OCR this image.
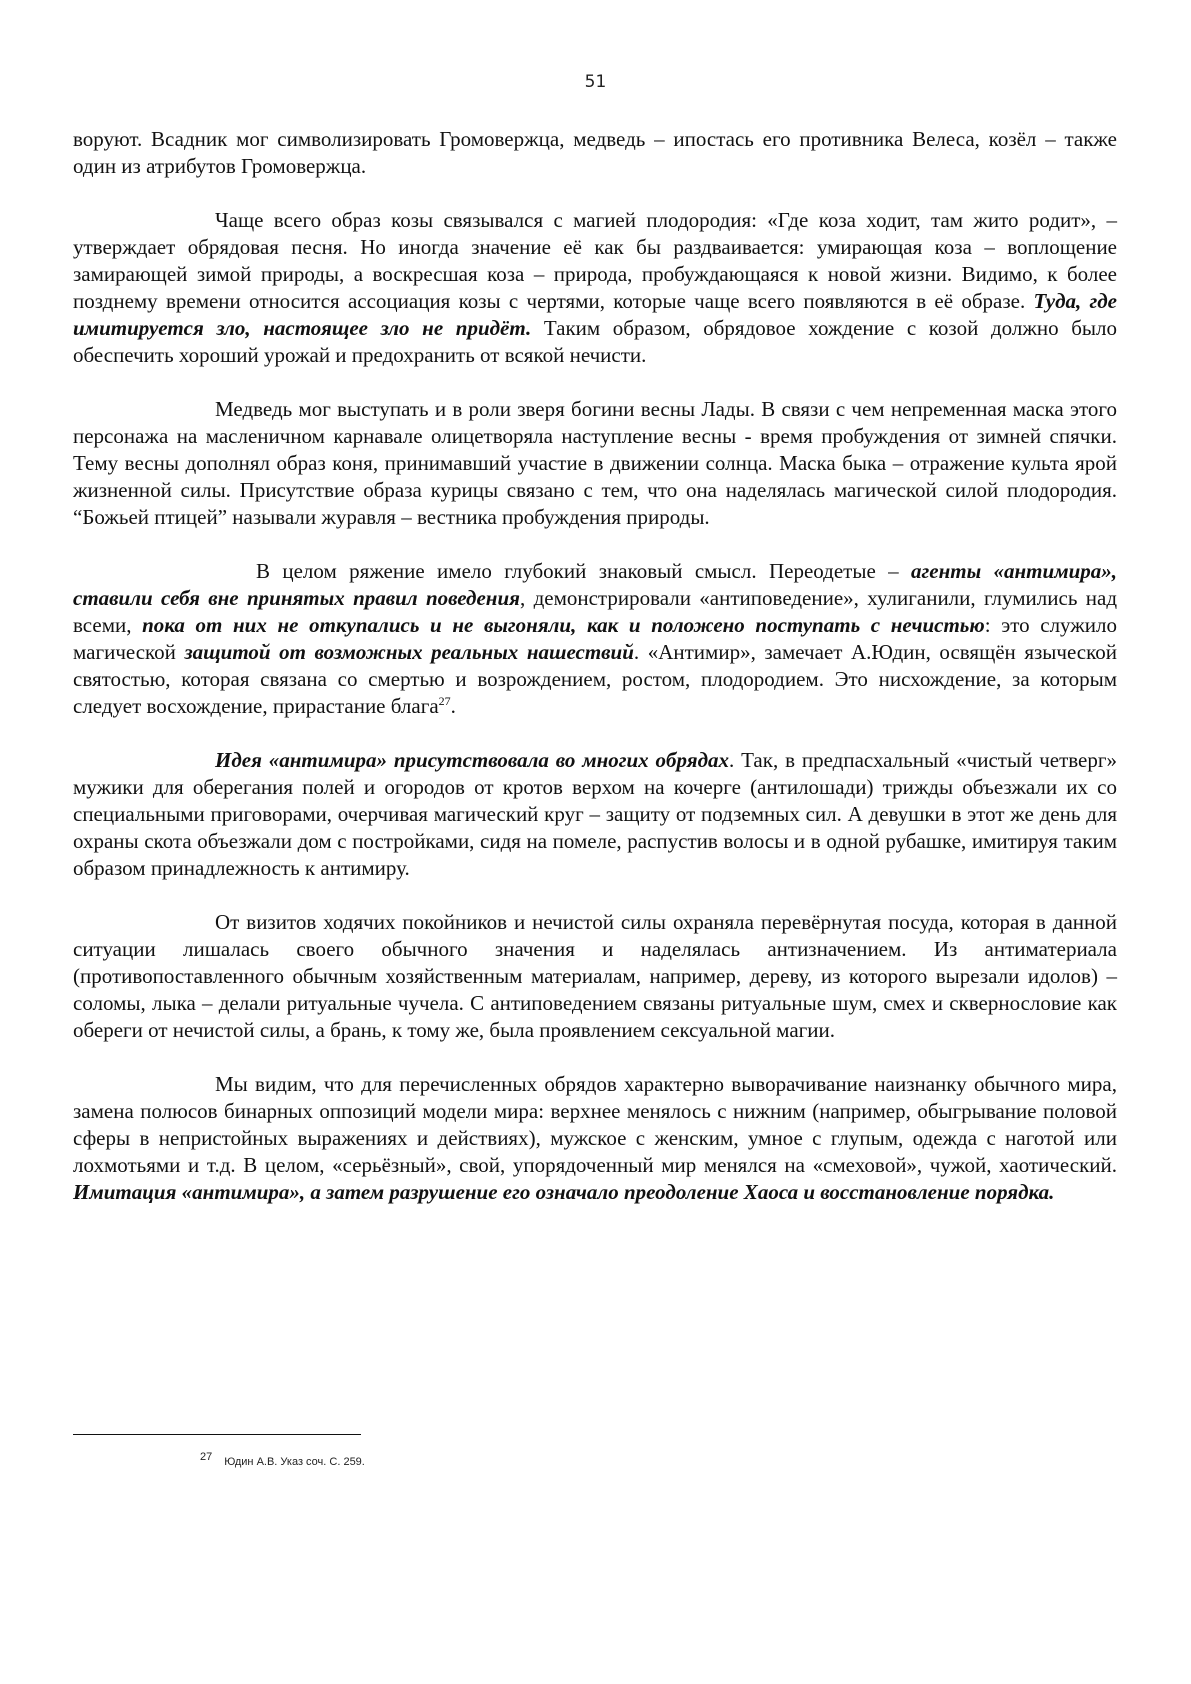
51

воруют. Всадник мог символизировать Громовержца, медведь – ипостась его противника Велеса, козёл – также один из атрибутов Громовержца.

Чаще всего образ козы связывался с магией плодородия: «Где коза ходит, там жито родит», – утверждает обрядовая песня. Но иногда значение её как бы раздваивается: умирающая коза – воплощение замирающей зимой природы, а воскресшая коза – природа, пробуждающаяся к новой жизни. Видимо, к более позднему времени относится ассоциация козы с чертями, которые чаще всего появляются в её образе. Туда, где имитируется зло, настоящее зло не придёт. Таким образом, обрядовое хождение с козой должно было обеспечить хороший урожай и предохранить от всякой нечисти.

Медведь мог выступать и в роли зверя богини весны Лады. В связи с чем непременная маска этого персонажа на масленичном карнавале олицетворяла наступление весны - время пробуждения от зимней спячки. Тему весны дополнял образ коня, принимавший участие в движении солнца. Маска быка – отражение культа ярой жизненной силы. Присутствие образа курицы связано с тем, что она наделялась магической силой плодородия. “Божьей птицей” называли журавля – вестника пробуждения природы.

В целом ряжение имело глубокий знаковый смысл. Переодетые – агенты «антимира», ставили себя вне принятых правил поведения, демонстрировали «антиповедение», хулиганили, глумились над всеми, пока от них не откупались и не выгоняли, как и положено поступать с нечистью: это служило магической защитой от возможных реальных нашествий. «Антимир», замечает А.Юдин, освящён языческой святостью, которая связана со смертью и возрождением, ростом, плодородием. Это нисхождение, за которым следует восхождение, прирастание блага$^{27}$.

Идея «антимира» присутствовала во многих обрядах. Так, в предпасхальный «чистый четверг» мужики для оберегания полей и огородов от кротов верхом на кочерге (антилошади) трижды объезжали их со специальными приговорами, очерчивая магический круг – защиту от подземных сил. А девушки в этот же день для охраны скота объезжали дом с постройками, сидя на помеле, распустив волосы и в одной рубашке, имитируя таким образом принадлежность к антимиру.

От визитов ходячих покойников и нечистой силы охраняла перевёрнутая посуда, которая в данной ситуации лишалась своего обычного значения и наделялась антизначением. Из антиматериала (противопоставленного обычным хозяйственным материалам, например, дереву, из которого вырезали идолов) – соломы, лыка – делали ритуальные чучела. С антиповедением связаны ритуальные шум, смех и сквернословие как обереги от нечистой силы, а брань, к тому же, была проявлением сексуальной магии.

Мы видим, что для перечисленных обрядов характерно выворачивание наизнанку обычного мира, замена полюсов бинарных оппозиций модели мира: верхнее менялось с нижним (например, обыгрывание половой сферы в непристойных выражениях и действиях), мужское с женским, умное с глупым, одежда с наготой или лохмотьями и т.д. В целом, «серьёзный», свой, упорядоченный мир менялся на «смеховой», чужой, хаотический. Имитация «антимира», а затем разрушение его означало преодоление Хаоса и восстановление порядка.

27 Юдин А.В. Указ соч. С. 259.
